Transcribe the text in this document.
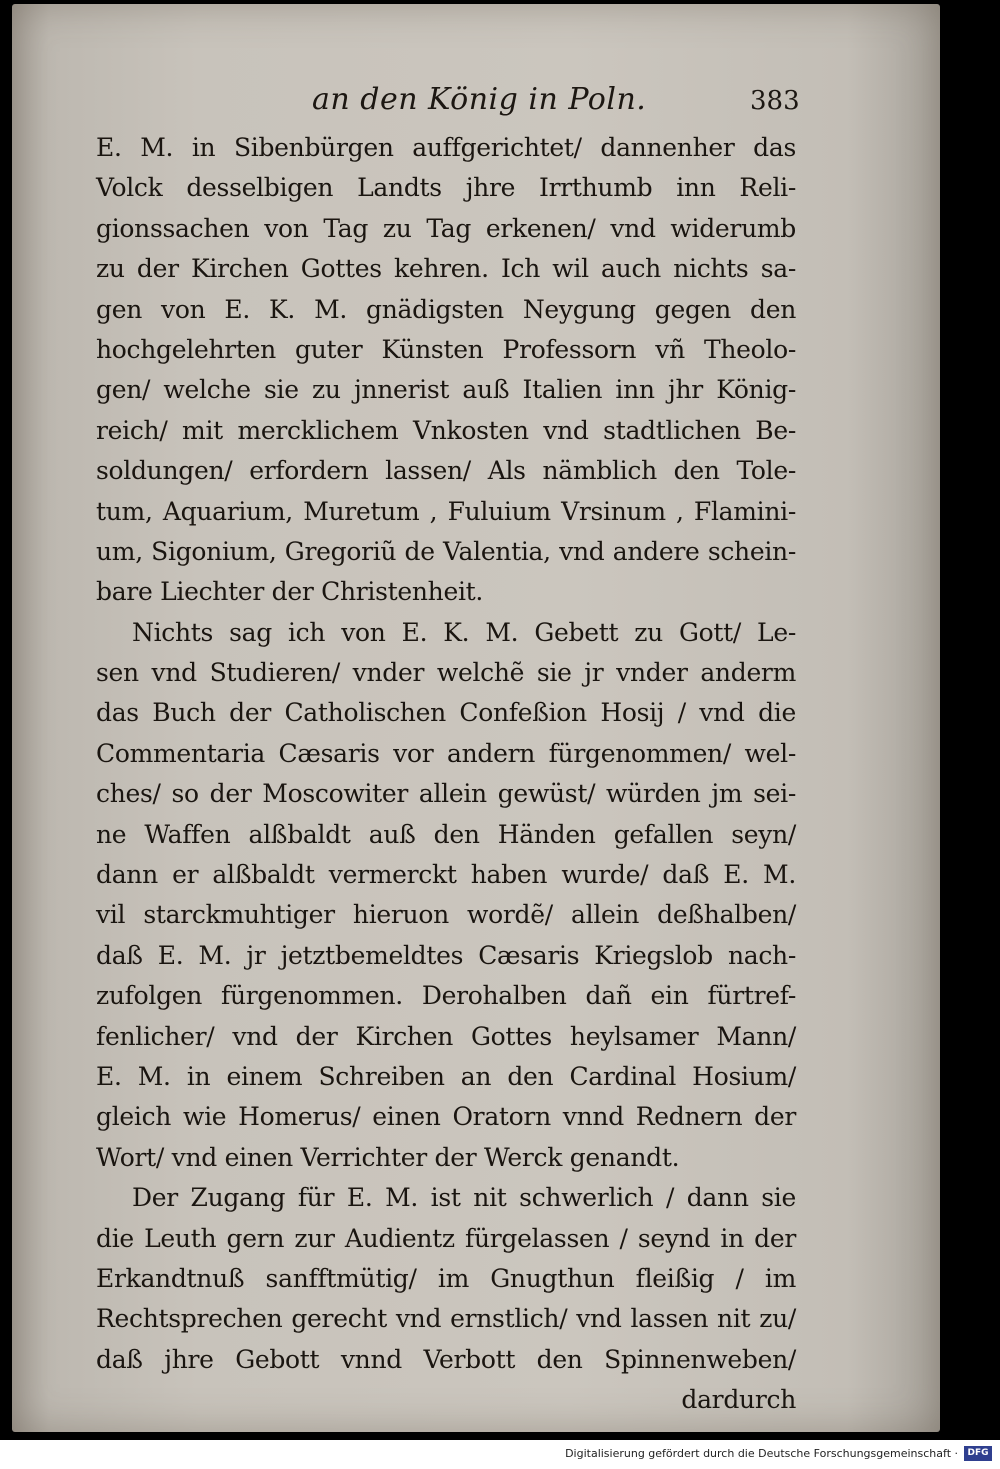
an den König in Poln.	383
E. M. in Sibenbürgen auffgerichtet/ dannenher das
Volck desselbigen Landts jhre Irrthumb inn Reli-
gionssachen von Tag zu Tag erkenen/ vnd widerumb
zu der Kirchen Gottes kehren. Ich wil auch nichts sa-
gen von E. K. M. gnädigsten Neygung gegen den
hochgelehrten guter Künsten Professorn vñ Theolo-
gen/ welche sie zu jnnerist auß Italien inn jhr König-
reich/ mit mercklichem Vnkosten vnd stadtlichen Be-
soldungen/ erfordern lassen/ Als nämblich den Tole-
tum, Aquarium, Muretum , Fuluium Vrsinum , Flamini-
um, Sigonium, Gregoriũ de Valentia, vnd andere schein-
bare Liechter der Christenheit.
Nichts sag ich von E. K. M. Gebett zu Gott/ Le-
sen vnd Studieren/ vnder welchẽ sie jr vnder anderm
das Buch der Catholischen Confeßion Hosij / vnd die
Commentaria Cæsaris vor andern fürgenommen/ wel-
ches/ so der Moscowiter allein gewüst/ würden jm sei-
ne Waffen alßbaldt auß den Händen gefallen seyn/
dann er alßbaldt vermerckt haben wurde/ daß E. M.
vil starckmuhtiger hieruon wordẽ/ allein deßhalben/
daß E. M. jr jetztbemeldtes Cæsaris Kriegslob nach-
zufolgen fürgenommen. Derohalben dañ ein fürtref-
fenlicher/ vnd der Kirchen Gottes heylsamer Mann/
E. M. in einem Schreiben an den Cardinal Hosium/
gleich wie Homerus/ einen Oratorn vnnd Rednern der
Wort/ vnd einen Verrichter der Werck genandt.
Der Zugang für E. M. ist nit schwerlich / dann sie
die Leuth gern zur Audientz fürgelassen / seynd in der
Erkandtnuß sanfftmütig/ im Gnugthun fleißig / im
Rechtsprechen gerecht vnd ernstlich/ vnd lassen nit zu/
daß jhre Gebott vnnd Verbott den Spinnenweben/
dardurch
Digitalisierung gefördert durch die Deutsche Forschungsgemeinschaft ·	DFG
